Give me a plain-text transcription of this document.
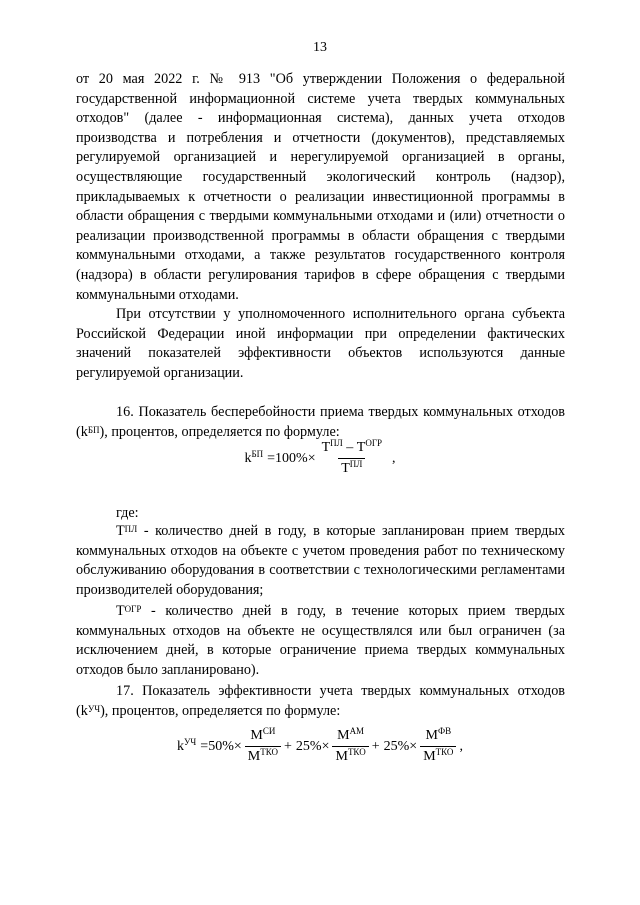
13

от 20 мая 2022 г. № 913 "Об утверждении Положения о федеральной государственной информационной системе учета твердых коммунальных отходов" (далее - информационная система), данных учета отходов производства и потребления и отчетности (документов), представляемых регулируемой организацией и нерегулируемой организацией в органы, осуществляющие государственный экологический контроль (надзор), прикладываемых к отчетности о реализации инвестиционной программы в области обращения с твердыми коммунальными отходами и (или) отчетности о реализации производственной программы в области обращения с твердыми коммунальными отходами, а также результатов государственного контроля (надзора) в области регулирования тарифов в сфере обращения с твердыми коммунальными отходами.

При отсутствии у уполномоченного исполнительного органа субъекта Российской Федерации иной информации при определении фактических значений показателей эффективности объектов используются данные регулируемой организации.

16. Показатель бесперебойности приема твердых коммунальных отходов $(k^{БП})$, процентов, определяется по формуле:

$k^{БП} = 100\% \times \frac{Т^{ПЛ} - Т^{ОГР}}{Т^{ПЛ}}$ ,

где:

$Т^{ПЛ}$ - количество дней в году, в которые запланирован прием твердых коммунальных отходов на объекте с учетом проведения работ по техническому обслуживанию оборудования в соответствии с технологическими регламентами производителей оборудования;

$Т^{ОГР}$ - количество дней в году, в течение которых прием твердых коммунальных отходов на объекте не осуществлялся или был ограничен (за исключением дней, в которые ограничение приема твердых коммунальных отходов было запланировано).

17. Показатель эффективности учета твердых коммунальных отходов $(k^{УЧ})$, процентов, определяется по формуле:

$k^{УЧ} = 50\% \times \frac{М^{СИ}}{М^{ТКО}} + 25\% \times \frac{М^{АМ}}{М^{ТКО}} + 25\% \times \frac{М^{ФВ}}{М^{ТКО}}$ ,
